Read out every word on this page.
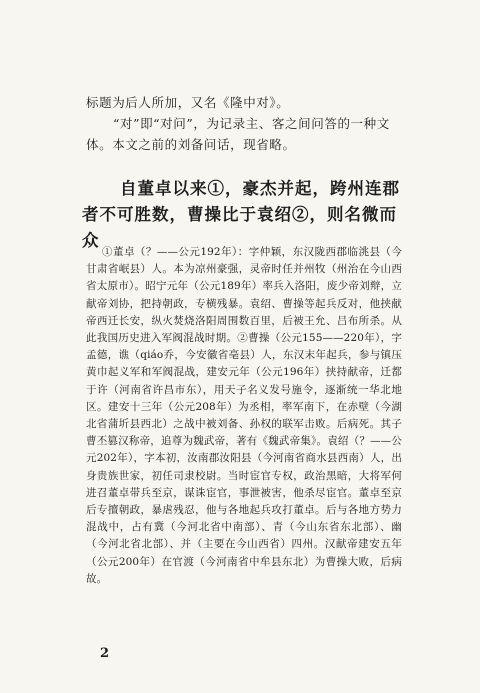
标题为后人所加，又名《隆中对》。

“对”即“对问”，为记录主、客之间问答的一种文体。本文之前的刘备问话，现省略。

自董卓以来①，豪杰并起，跨州连郡者不可胜数，曹操比于袁绍②，则名微而众

①董卓（？——公元192年）：字仲颖，东汉陇西郡临洮县（今甘肃省岷县）人。本为凉州豪强，灵帝时任并州牧（州治在今山西省太原市）。昭宁元年（公元189年）率兵入洛阳，废少帝刘辩，立献帝刘协，把持朝政，专横残暴。袁绍、曹操等起兵反对，他挟献帝西迁长安，纵火焚烧洛阳周围数百里，后被王允、吕布所杀。从此我国历史进入军阀混战时期。②曹操（公元155——220年），字孟德，谯（qiáo乔，今安徽省亳县）人，东汉末年起兵，参与镇压黄巾起义军和军阀混战，建安元年（公元196年）挟持献帝，迁都于许（河南省许昌市东），用天子名义发号施令，逐渐统一华北地区。建安十三年（公元208年）为丞相，率军南下，在赤壁（今湖北省蒲圻县西北）之战中被刘备、孙权的联军击败。后病死。其子曹丕篡汉称帝，追尊为魏武帝，著有《魏武帝集》。袁绍（？——公元202年），字本初，汝南郡汝阳县（今河南省商水县西南）人，出身贵族世家，初任司隶校尉。当时宦官专权，政治黑暗，大将军何进召董卓带兵至京，谋诛宦官，事泄被害，他杀尽宦官。董卓至京后专擅朝政，暴虐残忍，他与各地起兵攻打董卓。后与各地方势力混战中，占有冀（今河北省中南部）、青（今山东省东北部）、幽（今河北省北部）、并（主要在今山西省）四州。汉献帝建安五年（公元200年）在官渡（今河南省中牟县东北）为曹操大败，后病故。

2
